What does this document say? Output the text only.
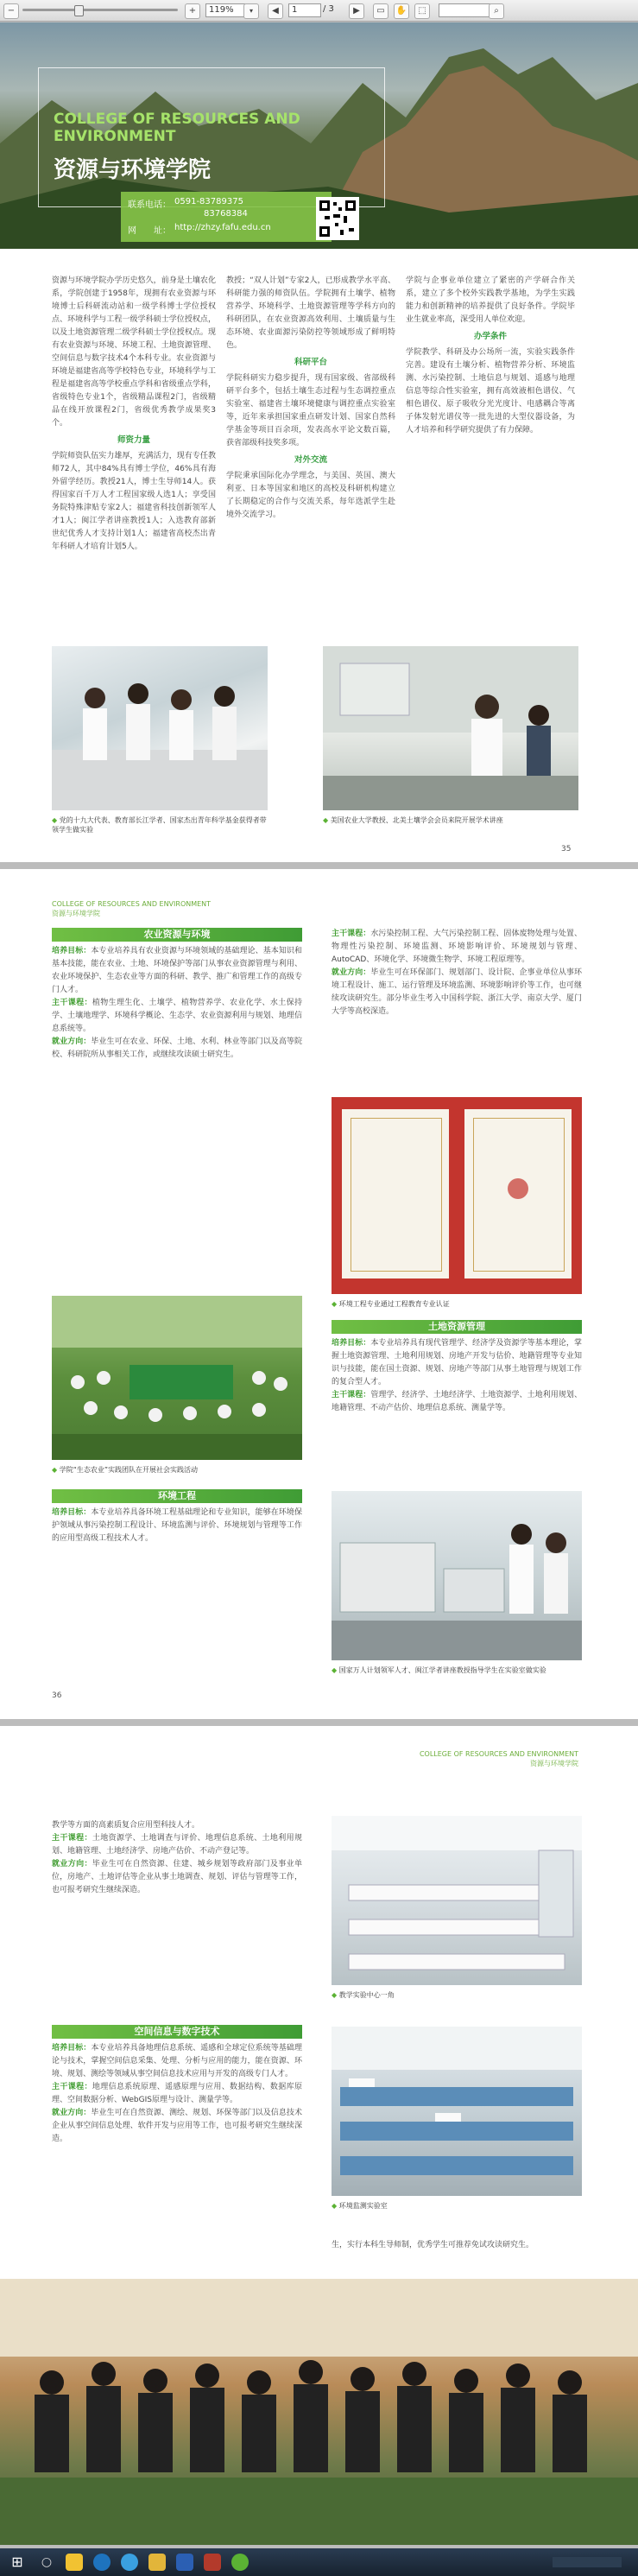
−	+	119%	▾	◀	1	/ 3	▶	▭	✋	⬚	⌕
COLLEGE OF RESOURCES AND ENVIRONMENT
资源与环境学院
联系电话： 0591-83789375
83768384
网　　址： http://zhzy.fafu.edu.cn
资源与环境学院办学历史悠久，前身是土壤农化系，学院创建于1958年，现拥有农业资源与环境博士后科研流动站和一级学科博士学位授权点、环境科学与工程一级学科硕士学位授权点，以及土地资源管理二级学科硕士学位授权点。现有农业资源与环境、环境工程、土地资源管理、空间信息与数字技术4个本科专业。农业资源与环境是福建省高等学校特色专业，环境科学与工程是福建省高等学校重点学科和省级重点学科，省级特色专业1个，省级精品课程2门，省级精品在线开放课程2门，省级优秀教学成果奖3个。
师资力量
学院师资队伍实力雄厚，充满活力，现有专任教师72人，其中84%具有博士学位，46%具有海外留学经历。教授21人，博士生导师14人。获得国家百千万人才工程国家级人选1人；享受国务院特殊津贴专家2人；福建省科技创新领军人才1人；闽江学者讲座教授1人；入选教育部新世纪优秀人才支持计划1人；福建省高校杰出青年科研人才培育计划5人。
教授；“双人计划”专家2人，已形成教学水平高、科研能力强的师资队伍。学院拥有土壤学、植物营养学、环境科学、土地资源管理等学科方向的科研团队，在农业资源高效利用、土壤质量与生态环境、农业面源污染防控等领域形成了鲜明特色。
科研平台
学院科研实力稳步提升，现有国家级、省部级科研平台多个，包括土壤生态过程与生态调控重点实验室、福建省土壤环境健康与调控重点实验室等，近年来承担国家重点研发计划、国家自然科学基金等项目百余项，发表高水平论文数百篇，获省部级科技奖多项。
对外交流
学院秉承国际化办学理念，与美国、英国、澳大利亚、日本等国家和地区的高校及科研机构建立了长期稳定的合作与交流关系，每年选派学生赴境外交流学习。
学院与企事业单位建立了紧密的产学研合作关系，建立了多个校外实践教学基地，为学生实践能力和创新精神的培养提供了良好条件。学院毕业生就业率高，深受用人单位欢迎。
办学条件
学院教学、科研及办公场所一流，实验实践条件完善。建设有土壤分析、植物营养分析、环境监测、水污染控制、土地信息与规划、遥感与地理信息等综合性实验室，拥有高效液相色谱仪、气相色谱仪、原子吸收分光光度计、电感耦合等离子体发射光谱仪等一批先进的大型仪器设备，为人才培养和科学研究提供了有力保障。
◆ 党的十九大代表、教育部长江学者、国家杰出青年科学基金获得者带领学生做实验
◆ 美国农业大学教授、北美土壤学会会员来院开展学术讲座
35
COLLEGE OF RESOURCES AND ENVIRONMENT
资源与环境学院
农业资源与环境
培养目标：本专业培养具有农业资源与环境领域的基础理论、基本知识和基本技能，能在农业、土地、环境保护等部门从事农业资源管理与利用、农业环境保护、生态农业等方面的科研、教学、推广和管理工作的高级专门人才。
主干课程：植物生理生化、土壤学、植物营养学、农业化学、水土保持学、土壤地理学、环境科学概论、生态学、农业资源利用与规划、地理信息系统等。
就业方向：毕业生可在农业、环保、土地、水利、林业等部门以及高等院校、科研院所从事相关工作，或继续攻读硕士研究生。
◆ 学院“生态农业”实践团队在开展社会实践活动
环境工程
培养目标：本专业培养具备环境工程基础理论和专业知识，能够在环境保护领域从事污染控制工程设计、环境监测与评价、环境规划与管理等工作的应用型高级工程技术人才。
主干课程：水污染控制工程、大气污染控制工程、固体废物处理与处置、物理性污染控制、环境监测、环境影响评价、环境规划与管理、AutoCAD、环境化学、环境微生物学、环境工程原理等。
就业方向：毕业生可在环保部门、规划部门、设计院、企事业单位从事环境工程设计、施工、运行管理及环境监测、环境影响评价等工作，也可继续攻读研究生。部分毕业生考入中国科学院、浙江大学、南京大学、厦门大学等高校深造。
◆ 环境工程专业通过工程教育专业认证
土地资源管理
培养目标：本专业培养具有现代管理学、经济学及资源学等基本理论，掌握土地资源管理、土地利用规划、房地产开发与估价、地籍管理等专业知识与技能，能在国土资源、规划、房地产等部门从事土地管理与规划工作的复合型人才。
主干课程：管理学、经济学、土地经济学、土地资源学、土地利用规划、地籍管理、不动产估价、地理信息系统、测量学等。
◆ 国家万人计划领军人才、闽江学者讲座教授指导学生在实验室做实验
36
COLLEGE OF RESOURCES AND ENVIRONMENT
资源与环境学院
教学等方面的高素质复合应用型科技人才。
主干课程：土地资源学、土地调查与评价、地理信息系统、土地利用规划、地籍管理、土地经济学、房地产估价、不动产登记等。
就业方向：毕业生可在自然资源、住建、城乡规划等政府部门及事业单位，房地产、土地评估等企业从事土地调查、规划、评估与管理等工作，也可报考研究生继续深造。
空间信息与数字技术
培养目标：本专业培养具备地理信息系统、遥感和全球定位系统等基础理论与技术，掌握空间信息采集、处理、分析与应用的能力，能在资源、环境、规划、测绘等领域从事空间信息技术应用与开发的高级专门人才。
主干课程：地理信息系统原理、遥感原理与应用、数据结构、数据库原理、空间数据分析、WebGIS原理与设计、测量学等。
就业方向：毕业生可在自然资源、测绘、规划、环保等部门以及信息技术企业从事空间信息处理、软件开发与应用等工作，也可报考研究生继续深造。
◆ 教学实验中心一角
◆ 环境监测实验室
生，实行本科生导师制，优秀学生可推荐免试攻读研究生。
⊞ ○
